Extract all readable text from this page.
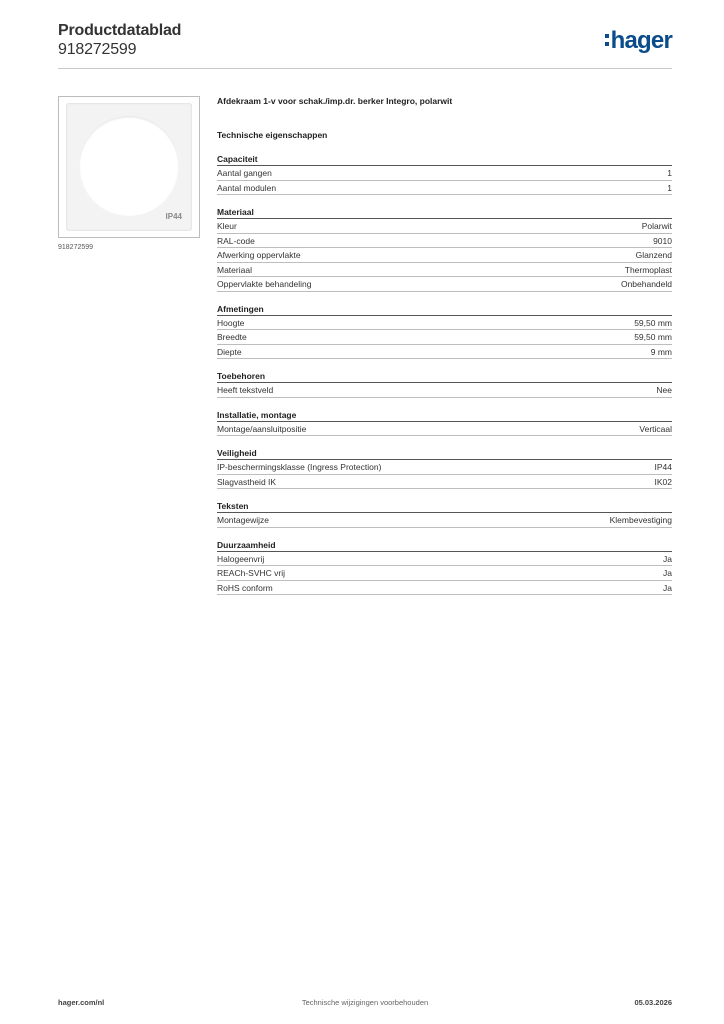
Productdatablad
918272599	hager
IP44
918272599
Afdekraam 1-v voor schak./imp.dr. berker Integro, polarwit
Technische eigenschappen
Capaciteit
Aantal gangen	1
Aantal modulen	1
Materiaal
Kleur	Polarwit
RAL-code	9010
Afwerking oppervlakte	Glanzend
Materiaal	Thermoplast
Oppervlakte behandeling	Onbehandeld
Afmetingen
Hoogte	59,50 mm
Breedte	59,50 mm
Diepte	9 mm
Toebehoren
Heeft tekstveld	Nee
Installatie, montage
Montage/aansluitpositie	Verticaal
Veiligheid
IP-beschermingsklasse (Ingress Protection)	IP44
Slagvastheid IK	IK02
Teksten
Montagewijze	Klembevestiging
Duurzaamheid
Halogeenvrij	Ja
REACh-SVHC vrij	Ja
RoHS conform	Ja
hager.com/nl	Technische wijzigingen voorbehouden	05.03.2026
